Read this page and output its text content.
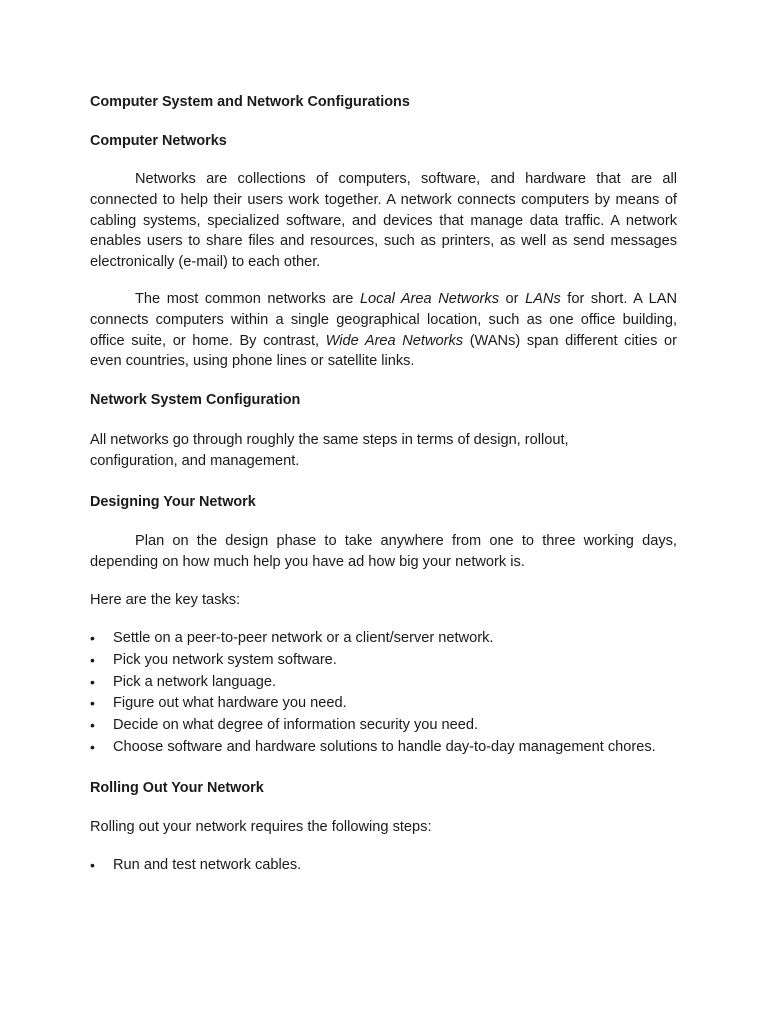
Computer System and Network Configurations
Computer Networks

Networks are collections of computers, software, and hardware that are all connected to help their users work together. A network connects computers by means of cabling systems, specialized software, and devices that manage data traffic. A network enables users to share files and resources, such as printers, as well as send messages electronically (e-mail) to each other.

The most common networks are Local Area Networks or LANs for short. A LAN connects computers within a single geographical location, such as one office building, office suite, or home. By contrast, Wide Area Networks (WANs) span different cities or even countries, using phone lines or satellite links.

Network System Configuration

All networks go through roughly the same steps in terms of design, rollout,
configuration, and management.

Designing Your Network

Plan on the design phase to take anywhere from one to three working days, depending on how much help you have ad how big your network is.

Here are the key tasks:

• Settle on a peer-to-peer network or a client/server network.
• Pick you network system software.
• Pick a network language.
• Figure out what hardware you need.
• Decide on what degree of information security you need.
• Choose software and hardware solutions to handle day-to-day management chores.
Rolling Out Your Network

Rolling out your network requires the following steps:

• Run and test network cables.
